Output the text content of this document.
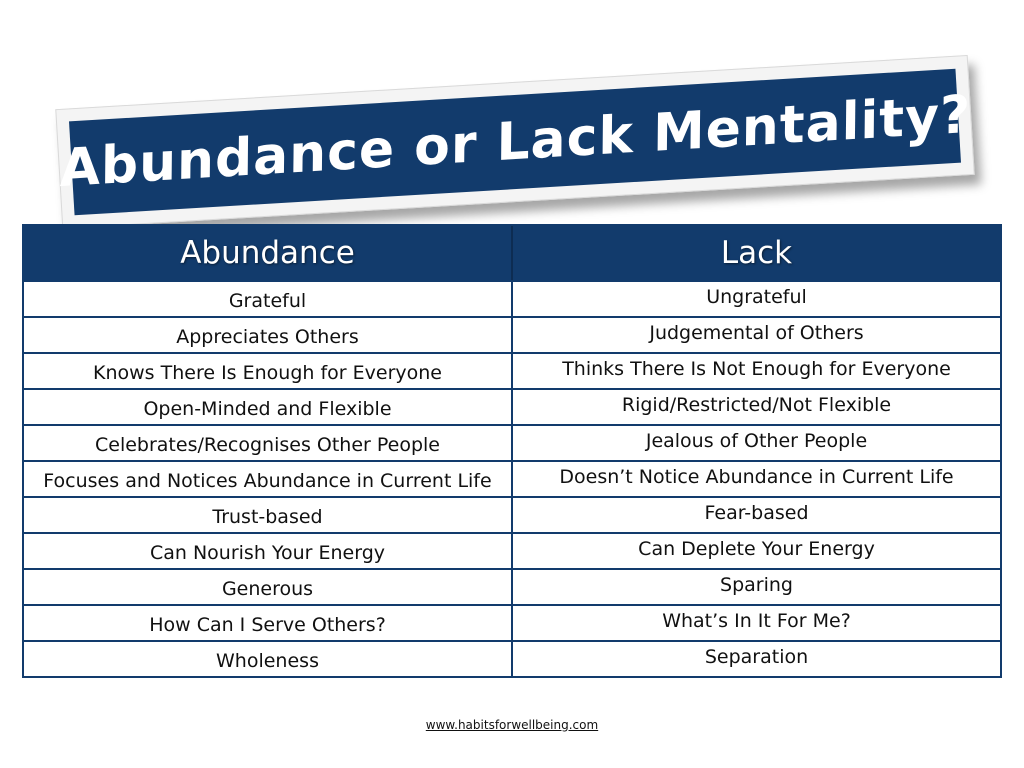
Abundance or Lack Mentality?
Abundance	Lack
Grateful	Ungrateful
Appreciates Others	Judgemental of Others
Knows There Is Enough for Everyone	Thinks There Is Not Enough for Everyone
Open-Minded and Flexible	Rigid/Restricted/Not Flexible
Celebrates/Recognises Other People	Jealous of Other People
Focuses and Notices Abundance in Current Life	Doesn’t Notice Abundance in Current Life
Trust-based	Fear-based
Can Nourish Your Energy	Can Deplete Your Energy
Generous	Sparing
How Can I Serve Others?	What’s In It For Me?
Wholeness	Separation
www.habitsforwellbeing.com
